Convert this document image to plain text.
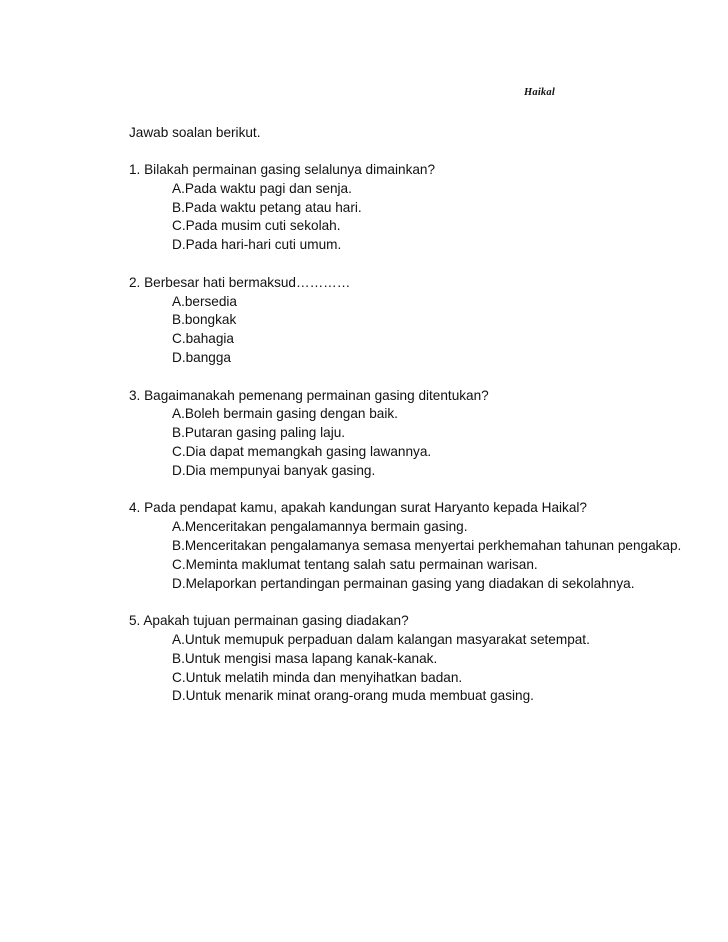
Haikal
Jawab soalan berikut.
1. Bilakah permainan gasing selalunya dimainkan?
A. Pada waktu pagi dan senja.
B. Pada waktu petang atau hari.
C. Pada musim cuti sekolah.
D. Pada hari-hari cuti umum.
2. Berbesar hati bermaksud…………
A. bersedia
B. bongkak
C. bahagia
D. bangga
3. Bagaimanakah pemenang permainan gasing ditentukan?
A. Boleh bermain gasing dengan baik.
B. Putaran gasing paling laju.
C. Dia dapat memangkah gasing lawannya.
D. Dia mempunyai banyak gasing.
4. Pada pendapat kamu, apakah kandungan surat Haryanto kepada Haikal?
A. Menceritakan pengalamannya bermain gasing.
B. Menceritakan pengalamanya semasa menyertai perkhemahan tahunan pengakap.
C. Meminta maklumat tentang salah satu permainan warisan.
D. Melaporkan pertandingan permainan gasing yang diadakan di sekolahnya.
5. Apakah tujuan permainan gasing diadakan?
A. Untuk memupuk perpaduan dalam kalangan masyarakat setempat.
B. Untuk mengisi masa lapang kanak-kanak.
C. Untuk melatih minda dan menyihatkan badan.
D. Untuk menarik minat orang-orang muda membuat gasing.
